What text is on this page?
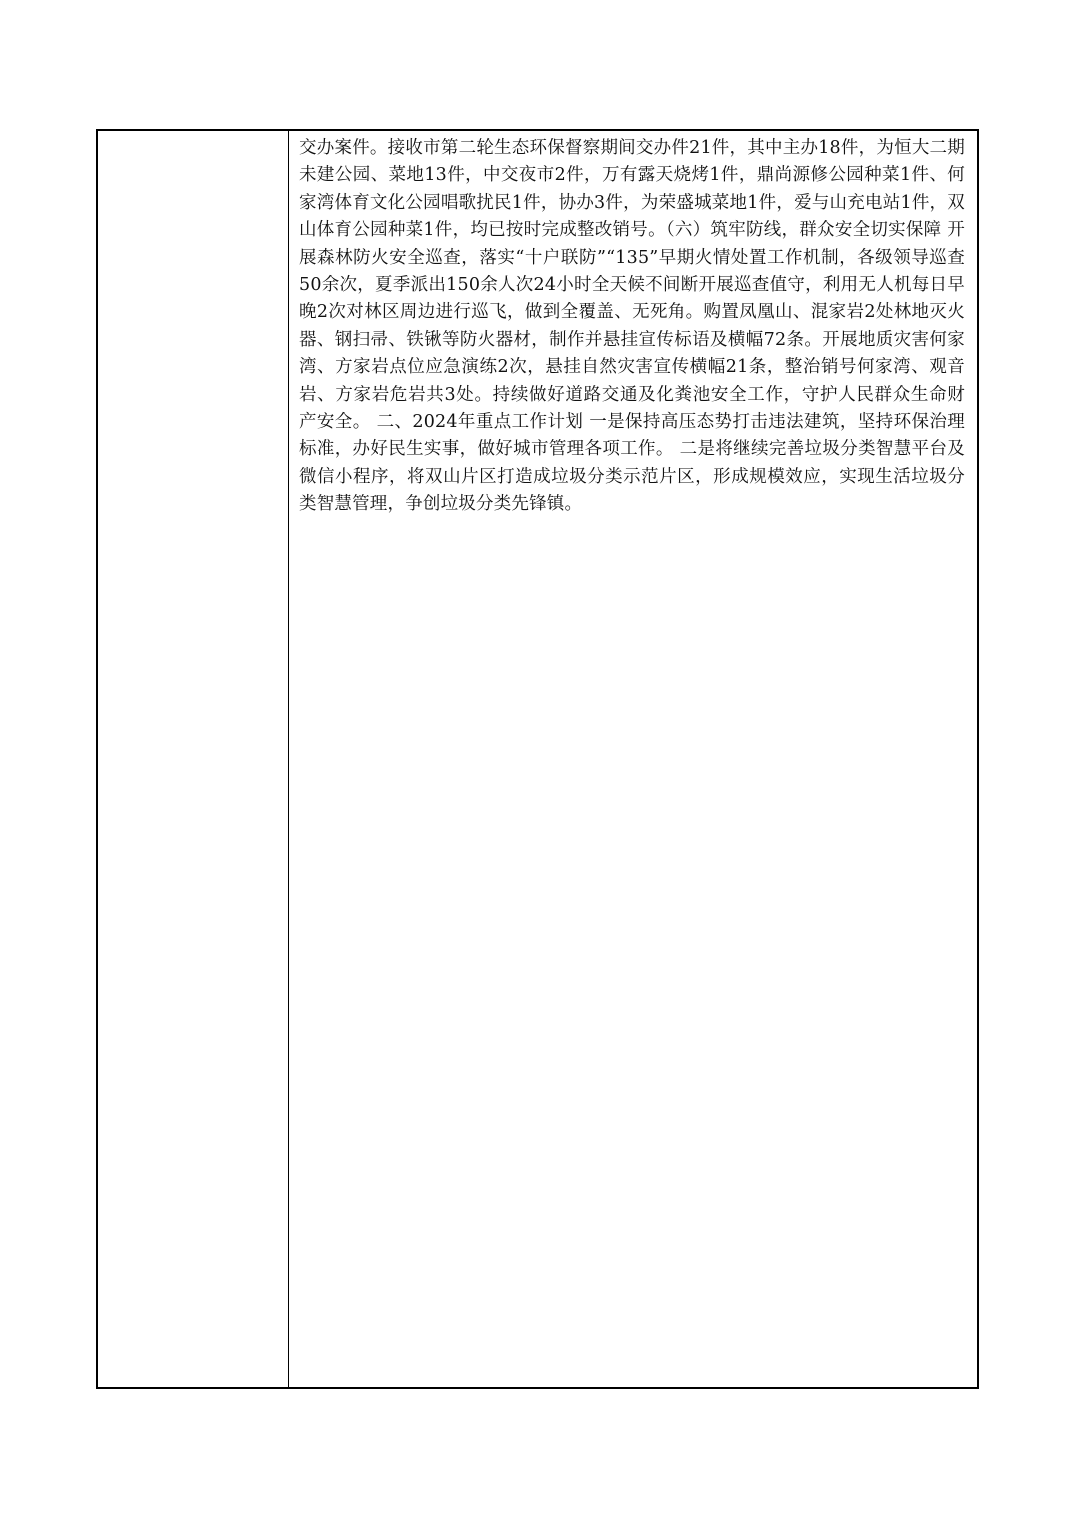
交办案件。接收市第二轮生态环保督察期间交办件21件，其中主办18件，为恒大二期未建公园、菜地13件，中交夜市2件，万有露天烧烤1件，鼎尚源修公园种菜1件、何家湾体育文化公园唱歌扰民1件，协办3件，为荣盛城菜地1件，爱与山充电站1件，双山体育公园种菜1件，均已按时完成整改销号。（六）筑牢防线，群众安全切实保障 开展森林防火安全巡查，落实“十户联防”“135”早期火情处置工作机制，各级领导巡查50余次，夏季派出150余人次24小时全天候不间断开展巡查值守，利用无人机每日早晚2次对林区周边进行巡飞，做到全覆盖、无死角。购置凤凰山、混家岩2处林地灭火器、钢扫帚、铁锹等防火器材，制作并悬挂宣传标语及横幅72条。开展地质灾害何家湾、方家岩点位应急演练2次，悬挂自然灾害宣传横幅21条，整治销号何家湾、观音岩、方家岩危岩共3处。持续做好道路交通及化粪池安全工作，守护人民群众生命财产安全。 二、2024年重点工作计划 一是保持高压态势打击违法建筑，坚持环保治理标准，办好民生实事，做好城市管理各项工作。 二是将继续完善垃圾分类智慧平台及微信小程序，将双山片区打造成垃圾分类示范片区，形成规模效应，实现生活垃圾分类智慧管理，争创垃圾分类先锋镇。
